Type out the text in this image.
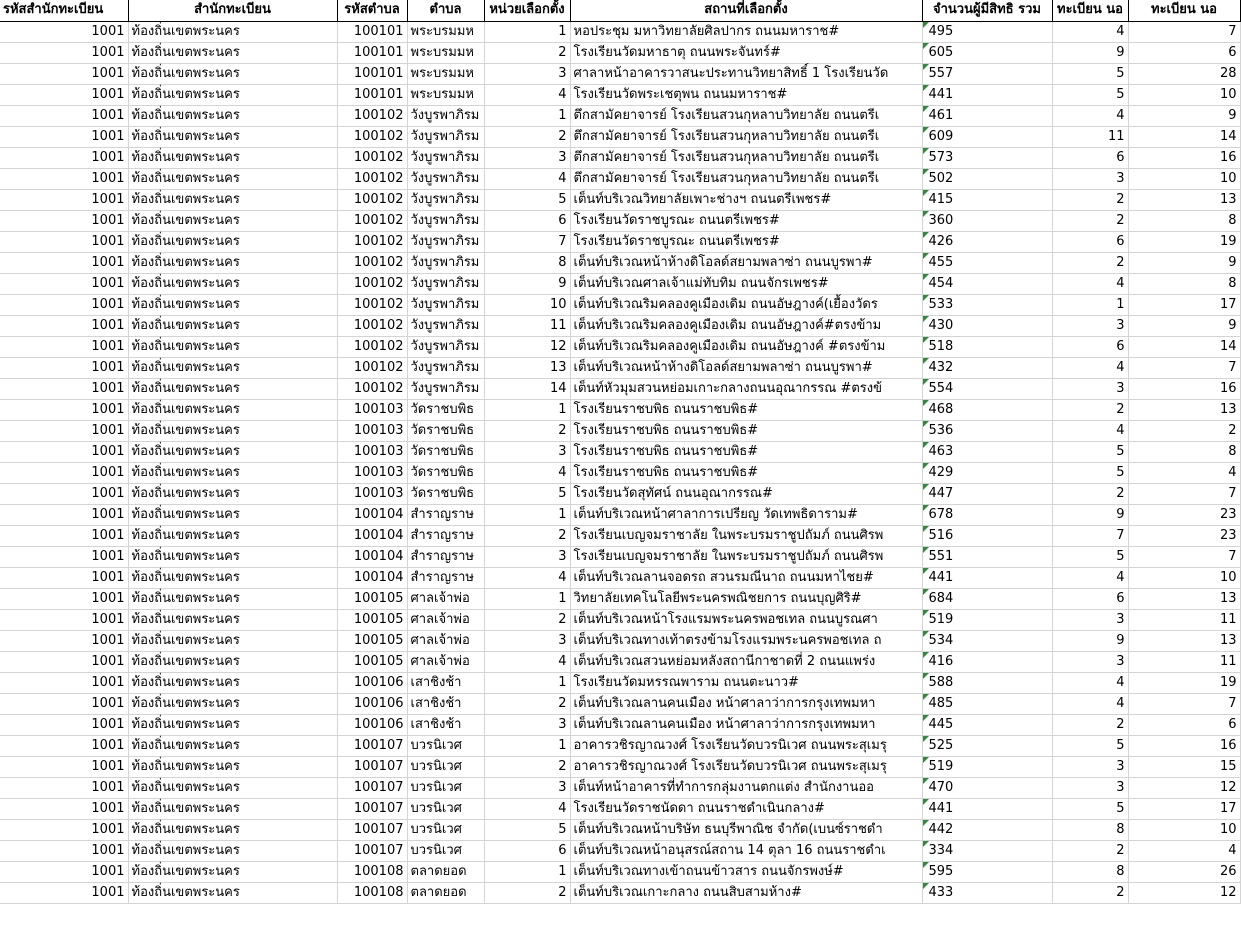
รหัสสำนักทะเบียน	สำนักทะเบียน	รหัสตำบล	ตำบล	หน่วยเลือกตั้ง	สถานที่เลือกตั้ง	จำนวนผู้มีสิทธิ รวม	ทะเบียน นอ	ทะเบียน นอ
1001	ท้องถิ่นเขตพระนคร	100101	พระบรมมห	1	หอประชุม มหาวิทยาลัยศิลปากร ถนนมหาราช#	495	4	7
1001	ท้องถิ่นเขตพระนคร	100101	พระบรมมห	2	โรงเรียนวัดมหาธาตุ ถนนพระจันทร์#	605	9	6
1001	ท้องถิ่นเขตพระนคร	100101	พระบรมมห	3	ศาลาหน้าอาคารวาสนะประทานวิทยาสิทธิ์ 1 โรงเรียนวัด	557	5	28
1001	ท้องถิ่นเขตพระนคร	100101	พระบรมมห	4	โรงเรียนวัดพระเชตุพน ถนนมหาราช#	441	5	10
1001	ท้องถิ่นเขตพระนคร	100102	วังบูรพาภิรม	1	ตึกสามัคยาจารย์ โรงเรียนสวนกุหลาบวิทยาลัย ถนนตรีเ	461	4	9
1001	ท้องถิ่นเขตพระนคร	100102	วังบูรพาภิรม	2	ตึกสามัคยาจารย์ โรงเรียนสวนกุหลาบวิทยาลัย ถนนตรีเ	609	11	14
1001	ท้องถิ่นเขตพระนคร	100102	วังบูรพาภิรม	3	ตึกสามัคยาจารย์ โรงเรียนสวนกุหลาบวิทยาลัย ถนนตรีเ	573	6	16
1001	ท้องถิ่นเขตพระนคร	100102	วังบูรพาภิรม	4	ตึกสามัคยาจารย์ โรงเรียนสวนกุหลาบวิทยาลัย ถนนตรีเ	502	3	10
1001	ท้องถิ่นเขตพระนคร	100102	วังบูรพาภิรม	5	เต็นท์บริเวณวิทยาลัยเพาะช่างฯ ถนนตรีเพชร#	415	2	13
1001	ท้องถิ่นเขตพระนคร	100102	วังบูรพาภิรม	6	โรงเรียนวัดราชบูรณะ ถนนตรีเพชร#	360	2	8
1001	ท้องถิ่นเขตพระนคร	100102	วังบูรพาภิรม	7	โรงเรียนวัดราชบูรณะ ถนนตรีเพชร#	426	6	19
1001	ท้องถิ่นเขตพระนคร	100102	วังบูรพาภิรม	8	เต็นท์บริเวณหน้าห้างดิโอลด์สยามพลาซ่า ถนนบูรพา#	455	2	9
1001	ท้องถิ่นเขตพระนคร	100102	วังบูรพาภิรม	9	เต็นท์บริเวณศาลเจ้าแม่ทับทิม ถนนจักรเพชร#	454	4	8
1001	ท้องถิ่นเขตพระนคร	100102	วังบูรพาภิรม	10	เต็นท์บริเวณริมคลองคูเมืองเดิม ถนนอัษฎางค์(เยื้องวัดร	533	1	17
1001	ท้องถิ่นเขตพระนคร	100102	วังบูรพาภิรม	11	เต็นท์บริเวณริมคลองคูเมืองเดิม ถนนอัษฎางค์#ตรงข้าม	430	3	9
1001	ท้องถิ่นเขตพระนคร	100102	วังบูรพาภิรม	12	เต็นท์บริเวณริมคลองคูเมืองเดิม ถนนอัษฎางค์ #ตรงข้าม	518	6	14
1001	ท้องถิ่นเขตพระนคร	100102	วังบูรพาภิรม	13	เต็นท์บริเวณหน้าห้างดิโอลด์สยามพลาซ่า ถนนบูรพา#	432	4	7
1001	ท้องถิ่นเขตพระนคร	100102	วังบูรพาภิรม	14	เต็นท์หัวมุมสวนหย่อมเกาะกลางถนนอุณากรรณ #ตรงข้	554	3	16
1001	ท้องถิ่นเขตพระนคร	100103	วัดราชบพิธ	1	โรงเรียนราชบพิธ ถนนราชบพิธ#	468	2	13
1001	ท้องถิ่นเขตพระนคร	100103	วัดราชบพิธ	2	โรงเรียนราชบพิธ ถนนราชบพิธ#	536	4	2
1001	ท้องถิ่นเขตพระนคร	100103	วัดราชบพิธ	3	โรงเรียนราชบพิธ ถนนราชบพิธ#	463	5	8
1001	ท้องถิ่นเขตพระนคร	100103	วัดราชบพิธ	4	โรงเรียนราชบพิธ ถนนราชบพิธ#	429	5	4
1001	ท้องถิ่นเขตพระนคร	100103	วัดราชบพิธ	5	โรงเรียนวัดสุทัศน์ ถนนอุณากรรณ#	447	2	7
1001	ท้องถิ่นเขตพระนคร	100104	สำราญราษ	1	เต็นท์บริเวณหน้าศาลาการเปรียญ วัดเทพธิดาราม#	678	9	23
1001	ท้องถิ่นเขตพระนคร	100104	สำราญราษ	2	โรงเรียนเบญจมราชาลัย ในพระบรมราชูปถัมภ์ ถนนศิรพ	516	7	23
1001	ท้องถิ่นเขตพระนคร	100104	สำราญราษ	3	โรงเรียนเบญจมราชาลัย ในพระบรมราชูปถัมภ์ ถนนศิรพ	551	5	7
1001	ท้องถิ่นเขตพระนคร	100104	สำราญราษ	4	เต็นท์บริเวณลานจอดรถ สวนรมณีนาถ ถนนมหาไชย#	441	4	10
1001	ท้องถิ่นเขตพระนคร	100105	ศาลเจ้าพ่อ	1	วิทยาลัยเทคโนโลยีพระนครพณิชยการ ถนนบุญศิริ#	684	6	13
1001	ท้องถิ่นเขตพระนคร	100105	ศาลเจ้าพ่อ	2	เต็นท์บริเวณหน้าโรงแรมพระนครพอชเทล ถนนบูรณศา	519	3	11
1001	ท้องถิ่นเขตพระนคร	100105	ศาลเจ้าพ่อ	3	เต็นท์บริเวณทางเท้าตรงข้ามโรงแรมพระนครพอชเทล ถ	534	9	13
1001	ท้องถิ่นเขตพระนคร	100105	ศาลเจ้าพ่อ	4	เต็นท์บริเวณสวนหย่อมหลังสถานีกาชาดที่ 2 ถนนแพร่ง	416	3	11
1001	ท้องถิ่นเขตพระนคร	100106	เสาชิงช้า	1	โรงเรียนวัดมหรรณพาราม ถนนตะนาว#	588	4	19
1001	ท้องถิ่นเขตพระนคร	100106	เสาชิงช้า	2	เต็นท์บริเวณลานคนเมือง หน้าศาลาว่าการกรุงเทพมหา	485	4	7
1001	ท้องถิ่นเขตพระนคร	100106	เสาชิงช้า	3	เต็นท์บริเวณลานคนเมือง หน้าศาลาว่าการกรุงเทพมหา	445	2	6
1001	ท้องถิ่นเขตพระนคร	100107	บวรนิเวศ	1	อาคารวชิรญาณวงศ์ โรงเรียนวัดบวรนิเวศ ถนนพระสุเมรุ	525	5	16
1001	ท้องถิ่นเขตพระนคร	100107	บวรนิเวศ	2	อาคารวชิรญาณวงศ์ โรงเรียนวัดบวรนิเวศ ถนนพระสุเมรุ	519	3	15
1001	ท้องถิ่นเขตพระนคร	100107	บวรนิเวศ	3	เต็นท์หน้าอาคารที่ทำการกลุ่มงานตกแต่ง สำนักงานออ	470	3	12
1001	ท้องถิ่นเขตพระนคร	100107	บวรนิเวศ	4	โรงเรียนวัดราชนัดดา ถนนราชดำเนินกลาง#	441	5	17
1001	ท้องถิ่นเขตพระนคร	100107	บวรนิเวศ	5	เต็นท์บริเวณหน้าบริษัท ธนบุรีพาณิช จำกัด(เบนซ์ราชดำ	442	8	10
1001	ท้องถิ่นเขตพระนคร	100107	บวรนิเวศ	6	เต็นท์บริเวณหน้าอนุสรณ์สถาน 14 ตุลา 16 ถนนราชดำเ	334	2	4
1001	ท้องถิ่นเขตพระนคร	100108	ตลาดยอด	1	เต็นท์บริเวณทางเข้าถนนข้าวสาร ถนนจักรพงษ์#	595	8	26
1001	ท้องถิ่นเขตพระนคร	100108	ตลาดยอด	2	เต็นท์บริเวณเกาะกลาง ถนนสิบสามห้าง#	433	2	12
